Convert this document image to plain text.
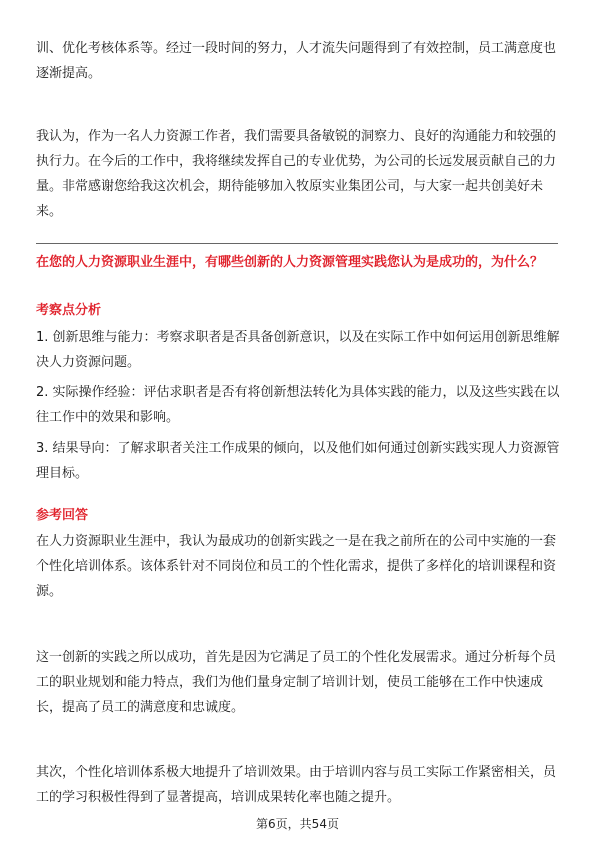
训、优化考核体系等。经过一段时间的努力，人才流失问题得到了有效控制，员工满意度也逐渐提高。

我认为，作为一名人力资源工作者，我们需要具备敏锐的洞察力、良好的沟通能力和较强的执行力。在今后的工作中，我将继续发挥自己的专业优势，为公司的长远发展贡献自己的力量。非常感谢您给我这次机会，期待能够加入牧原实业集团公司，与大家一起共创美好未来。

在您的人力资源职业生涯中，有哪些创新的人力资源管理实践您认为是成功的，为什么？

考察点分析

1. 创新思维与能力：考察求职者是否具备创新意识，以及在实际工作中如何运用创新思维解决人力资源问题。

2. 实际操作经验：评估求职者是否有将创新想法转化为具体实践的能力，以及这些实践在以往工作中的效果和影响。

3. 结果导向：了解求职者关注工作成果的倾向，以及他们如何通过创新实践实现人力资源管理目标。

参考回答

在人力资源职业生涯中，我认为最成功的创新实践之一是在我之前所在的公司中实施的一套个性化培训体系。该体系针对不同岗位和员工的个性化需求，提供了多样化的培训课程和资源。

这一创新的实践之所以成功，首先是因为它满足了员工的个性化发展需求。通过分析每个员工的职业规划和能力特点，我们为他们量身定制了培训计划，使员工能够在工作中快速成长，提高了员工的满意度和忠诚度。

其次，个性化培训体系极大地提升了培训效果。由于培训内容与员工实际工作紧密相关，员工的学习积极性得到了显著提高，培训成果转化率也随之提升。

第6页，共54页
